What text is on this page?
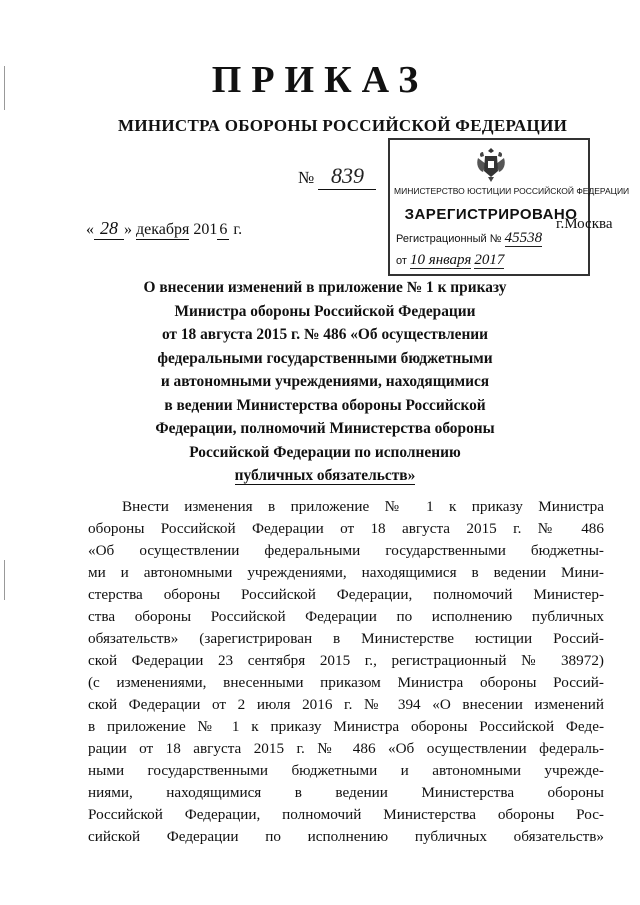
ПРИКАЗ
МИНИСТРА ОБОРОНЫ РОССИЙСКОЙ ФЕДЕРАЦИИ
№ 839
« 28 » декабря 201 6 г.
МИНИСТЕРСТВО ЮСТИЦИИ РОССИЙСКОЙ ФЕДЕРАЦИИ
ЗАРЕГИСТРИРОВАНО
Регистрационный № 45538
от 10 января 2017
г.Москва
О внесении изменений в приложение № 1 к приказу
Министра обороны Российской Федерации
от 18 августа 2015 г. № 486 «Об осуществлении
федеральными государственными бюджетными
и автономными учреждениями, находящимися
в ведении Министерства обороны Российской
Федерации, полномочий Министерства обороны
Российской Федерации по исполнению
публичных обязательств»
Внести изменения в приложение № 1 к приказу Министра
обороны Российской Федерации от 18 августа 2015 г. № 486
«Об осуществлении федеральными государственными бюджетны-
ми и автономными учреждениями, находящимися в ведении Мини-
стерства обороны Российской Федерации, полномочий Министер-
ства обороны Российской Федерации по исполнению публичных
обязательств» (зарегистрирован в Министерстве юстиции Россий-
ской Федерации 23 сентября 2015 г., регистрационный № 38972)
(с изменениями, внесенными приказом Министра обороны Россий-
ской Федерации от 2 июля 2016 г. № 394 «О внесении изменений
в приложение № 1 к приказу Министра обороны Российской Феде-
рации от 18 августа 2015 г. № 486 «Об осуществлении федераль-
ными государственными бюджетными и автономными учрежде-
ниями, находящимися в ведении Министерства обороны
Российской Федерации, полномочий Министерства обороны Рос-
сийской Федерации по исполнению публичных обязательств»
